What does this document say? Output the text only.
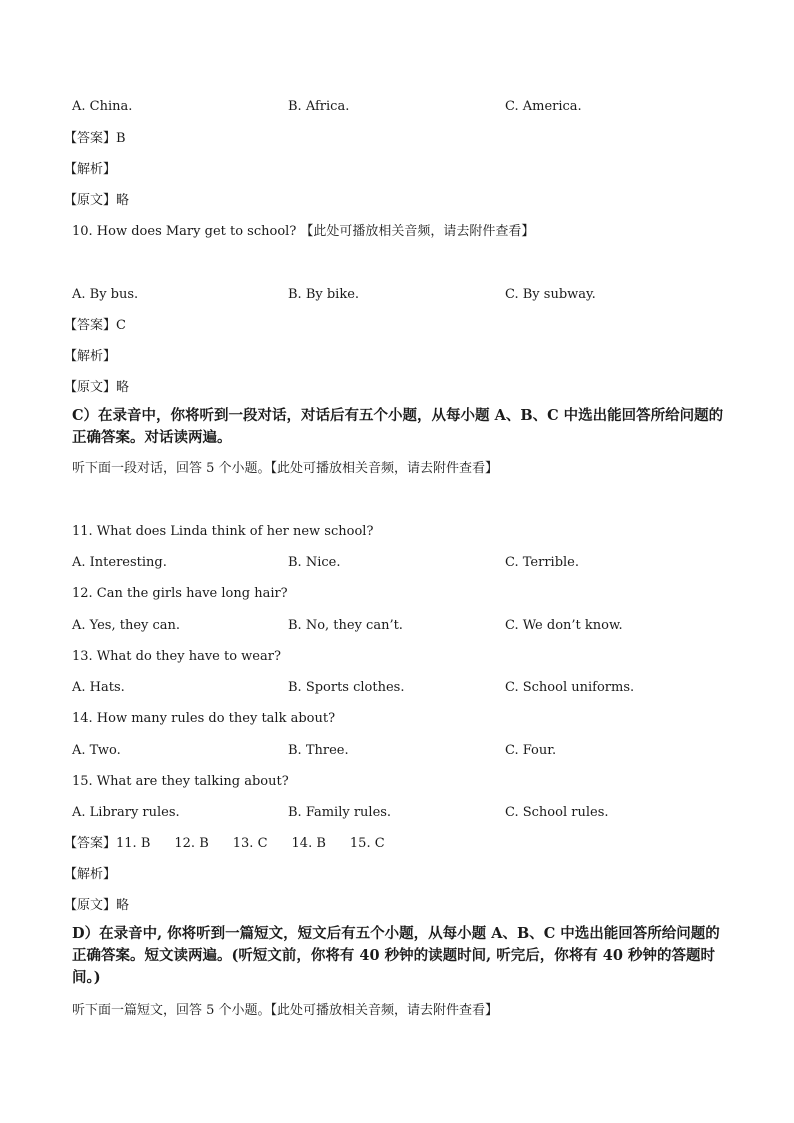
A. China.	B. Africa.	C. America.
【答案】B
【解析】
【原文】略
10. How does Mary get to school? 【此处可播放相关音频，请去附件查看】
A. By bus.	B. By bike.	C. By subway.
【答案】C
【解析】
【原文】略
C）在录音中，你将听到一段对话，对话后有五个小题，从每小题 A、B、C 中选出能回答所给问题的正确答案。对话读两遍。
听下面一段对话，回答 5 个小题。【此处可播放相关音频，请去附件查看】
11. What does Linda think of her new school?
A. Interesting.	B. Nice.	C. Terrible.
12. Can the girls have long hair?
A. Yes, they can.	B. No, they can’t.	C. We don’t know.
13. What do they have to wear?
A. Hats.	B. Sports clothes.	C. School uniforms.
14. How many rules do they talk about?
A. Two.	B. Three.	C. Four.
15. What are they talking about?
A. Library rules.	B. Family rules.	C. School rules.
【答案】11. B 12. B 13. C 14. B 15. C
【解析】
【原文】略
D）在录音中, 你将听到一篇短文，短文后有五个小题，从每小题 A、B、C 中选出能回答所给问题的正确答案。短文读两遍。(听短文前，你将有 40 秒钟的读题时间, 听完后，你将有 40 秒钟的答题时间。)
听下面一篇短文，回答 5 个小题。【此处可播放相关音频，请去附件查看】
